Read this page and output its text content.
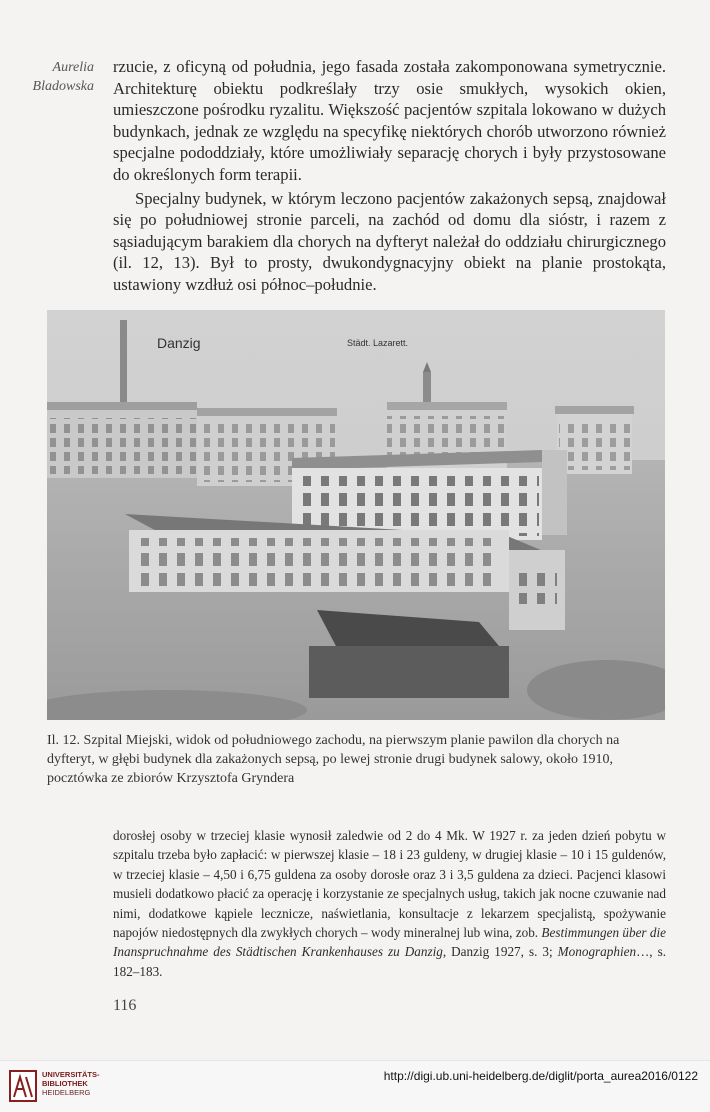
Aurelia
Bladowska

rzucie, z oficyną od południa, jego fasada została zakomponowana symetrycznie. Architekturę obiektu podkreślały trzy osie smukłych, wysokich okien, umieszczone pośrodku ryzalitu. Większość pacjentów szpitala lokowano w dużych budynkach, jednak ze względu na specyfikę niektórych chorób utworzono również specjalne pododdziały, które umożliwiały separację chorych i były przystosowane do określonych form terapii.

Specjalny budynek, w którym leczono pacjentów zakażonych sepsą, znajdował się po południowej stronie parceli, na zachód od domu dla sióstr, i razem z sąsiadującym barakiem dla chorych na dyfteryt należał do oddziału chirurgicznego (il. 12, 13). Był to prosty, dwukondygnacyjny obiekt na planie prostokąta, ustawiony wzdłuż osi północ–południe.

Danzig	Städt. Lazarett.
Il. 12. Szpital Miejski, widok od południowego zachodu, na pierwszym planie pawilon dla chorych na dyfteryt, w głębi budynek dla zakażonych sepsą, po lewej stronie drugi budynek salowy, około 1910, pocztówka ze zbiorów Krzysztofa Gryndera
dorosłej osoby w trzeciej klasie wynosił zaledwie od 2 do 4 Mk. W 1927 r. za jeden dzień pobytu w szpitalu trzeba było zapłacić: w pierwszej klasie – 18 i 23 guldeny, w drugiej klasie – 10 i 15 guldenów, w trzeciej klasie – 4,50 i 6,75 guldena za osoby dorosłe oraz 3 i 3,5 guldena za dzieci. Pacjenci klasowi musieli dodatkowo płacić za operację i korzystanie ze specjalnych usług, takich jak nocne czuwanie nad nimi, dodatkowe kąpiele lecznicze, naświetlania, konsultacje z lekarzem specjalistą, spożywanie napojów niedostępnych dla zwykłych chorych – wody mineralnej lub wina, zob. Bestimmungen über die Inanspruchnahme des Städtischen Krankenhauses zu Danzig, Danzig 1927, s. 3; Monographien…, s. 182–183.
116
UNIVERSITÄTS-
BIBLIOTHEK
HEIDELBERG
http://digi.ub.uni-heidelberg.de/diglit/porta_aurea2016/0122
